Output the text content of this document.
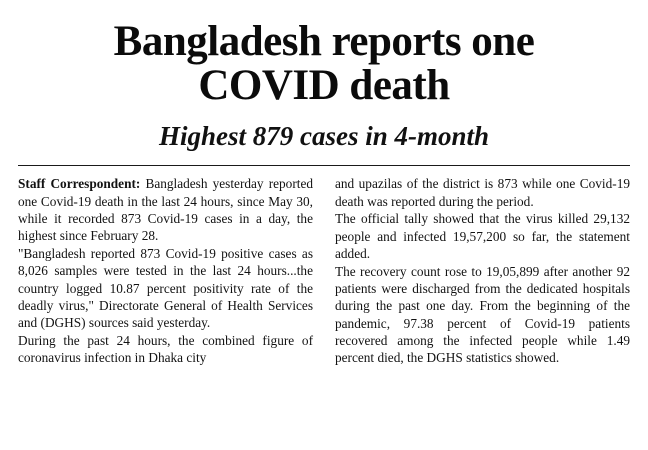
Bangladesh reports one
COVID death
Highest 879 cases in 4-month

Staff Correspondent: Bangladesh yesterday reported one Covid-19 death in the last 24 hours, since May 30, while it recorded 873 Covid-19 cases in a day, the highest since February 28.

"Bangladesh reported 873 Covid-19 positive cases as 8,026 samples were tested in the last 24 hours...the country logged 10.87 percent positivity rate of the deadly virus," Directorate General of Health Services and (DGHS) sources said yesterday.

During the past 24 hours, the combined figure of coronavirus infection in Dhaka city

and upazilas of the district is 873 while one Covid-19 death was reported during the period.

The official tally showed that the virus killed 29,132 people and infected 19,57,200 so far, the statement added.

The recovery count rose to 19,05,899 after another 92 patients were discharged from the dedicated hospitals during the past one day. From the beginning of the pandemic, 97.38 percent of Covid-19 patients recovered among the infected people while 1.49 percent died, the DGHS statistics showed.
